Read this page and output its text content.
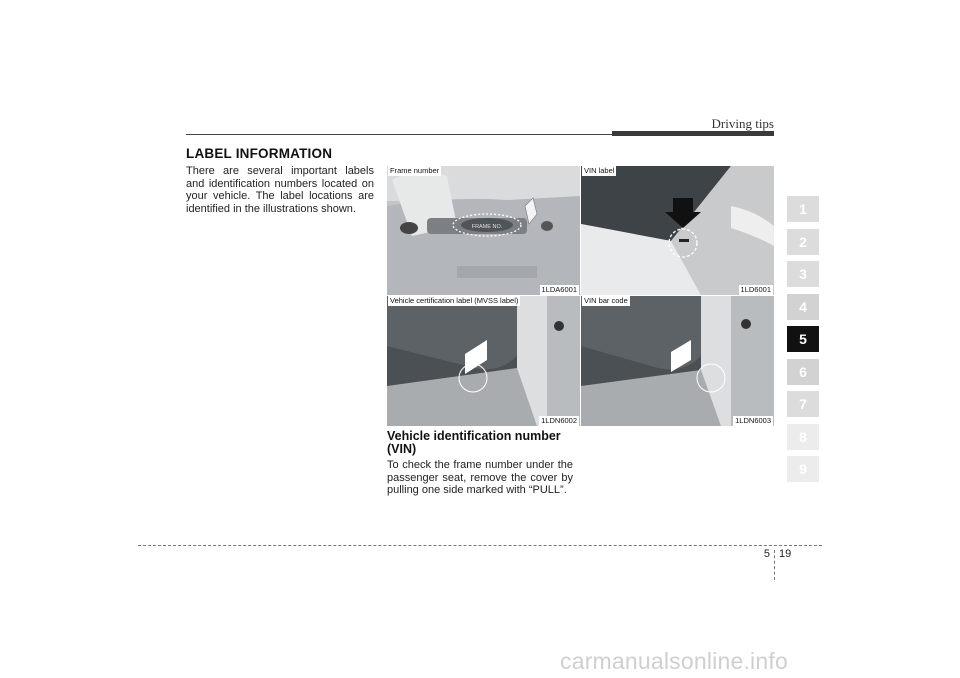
Driving tips
LABEL INFORMATION
There are several important labels and identification numbers located on your vehicle. The label locations are identified in the illustrations shown.
FRAME NO.
Frame number
1LDA6001
VIN label
1LD6001
Vehicle certification label (MVSS label)
1LDN6002
VIN bar code
1LDN6003
Vehicle identification number (VIN)
To check the frame number under the passenger seat, remove the cover by pulling one side marked with “PULL”.
1
2
3
4
5
6
7
8
9
5 19
carmanualsonline.info
